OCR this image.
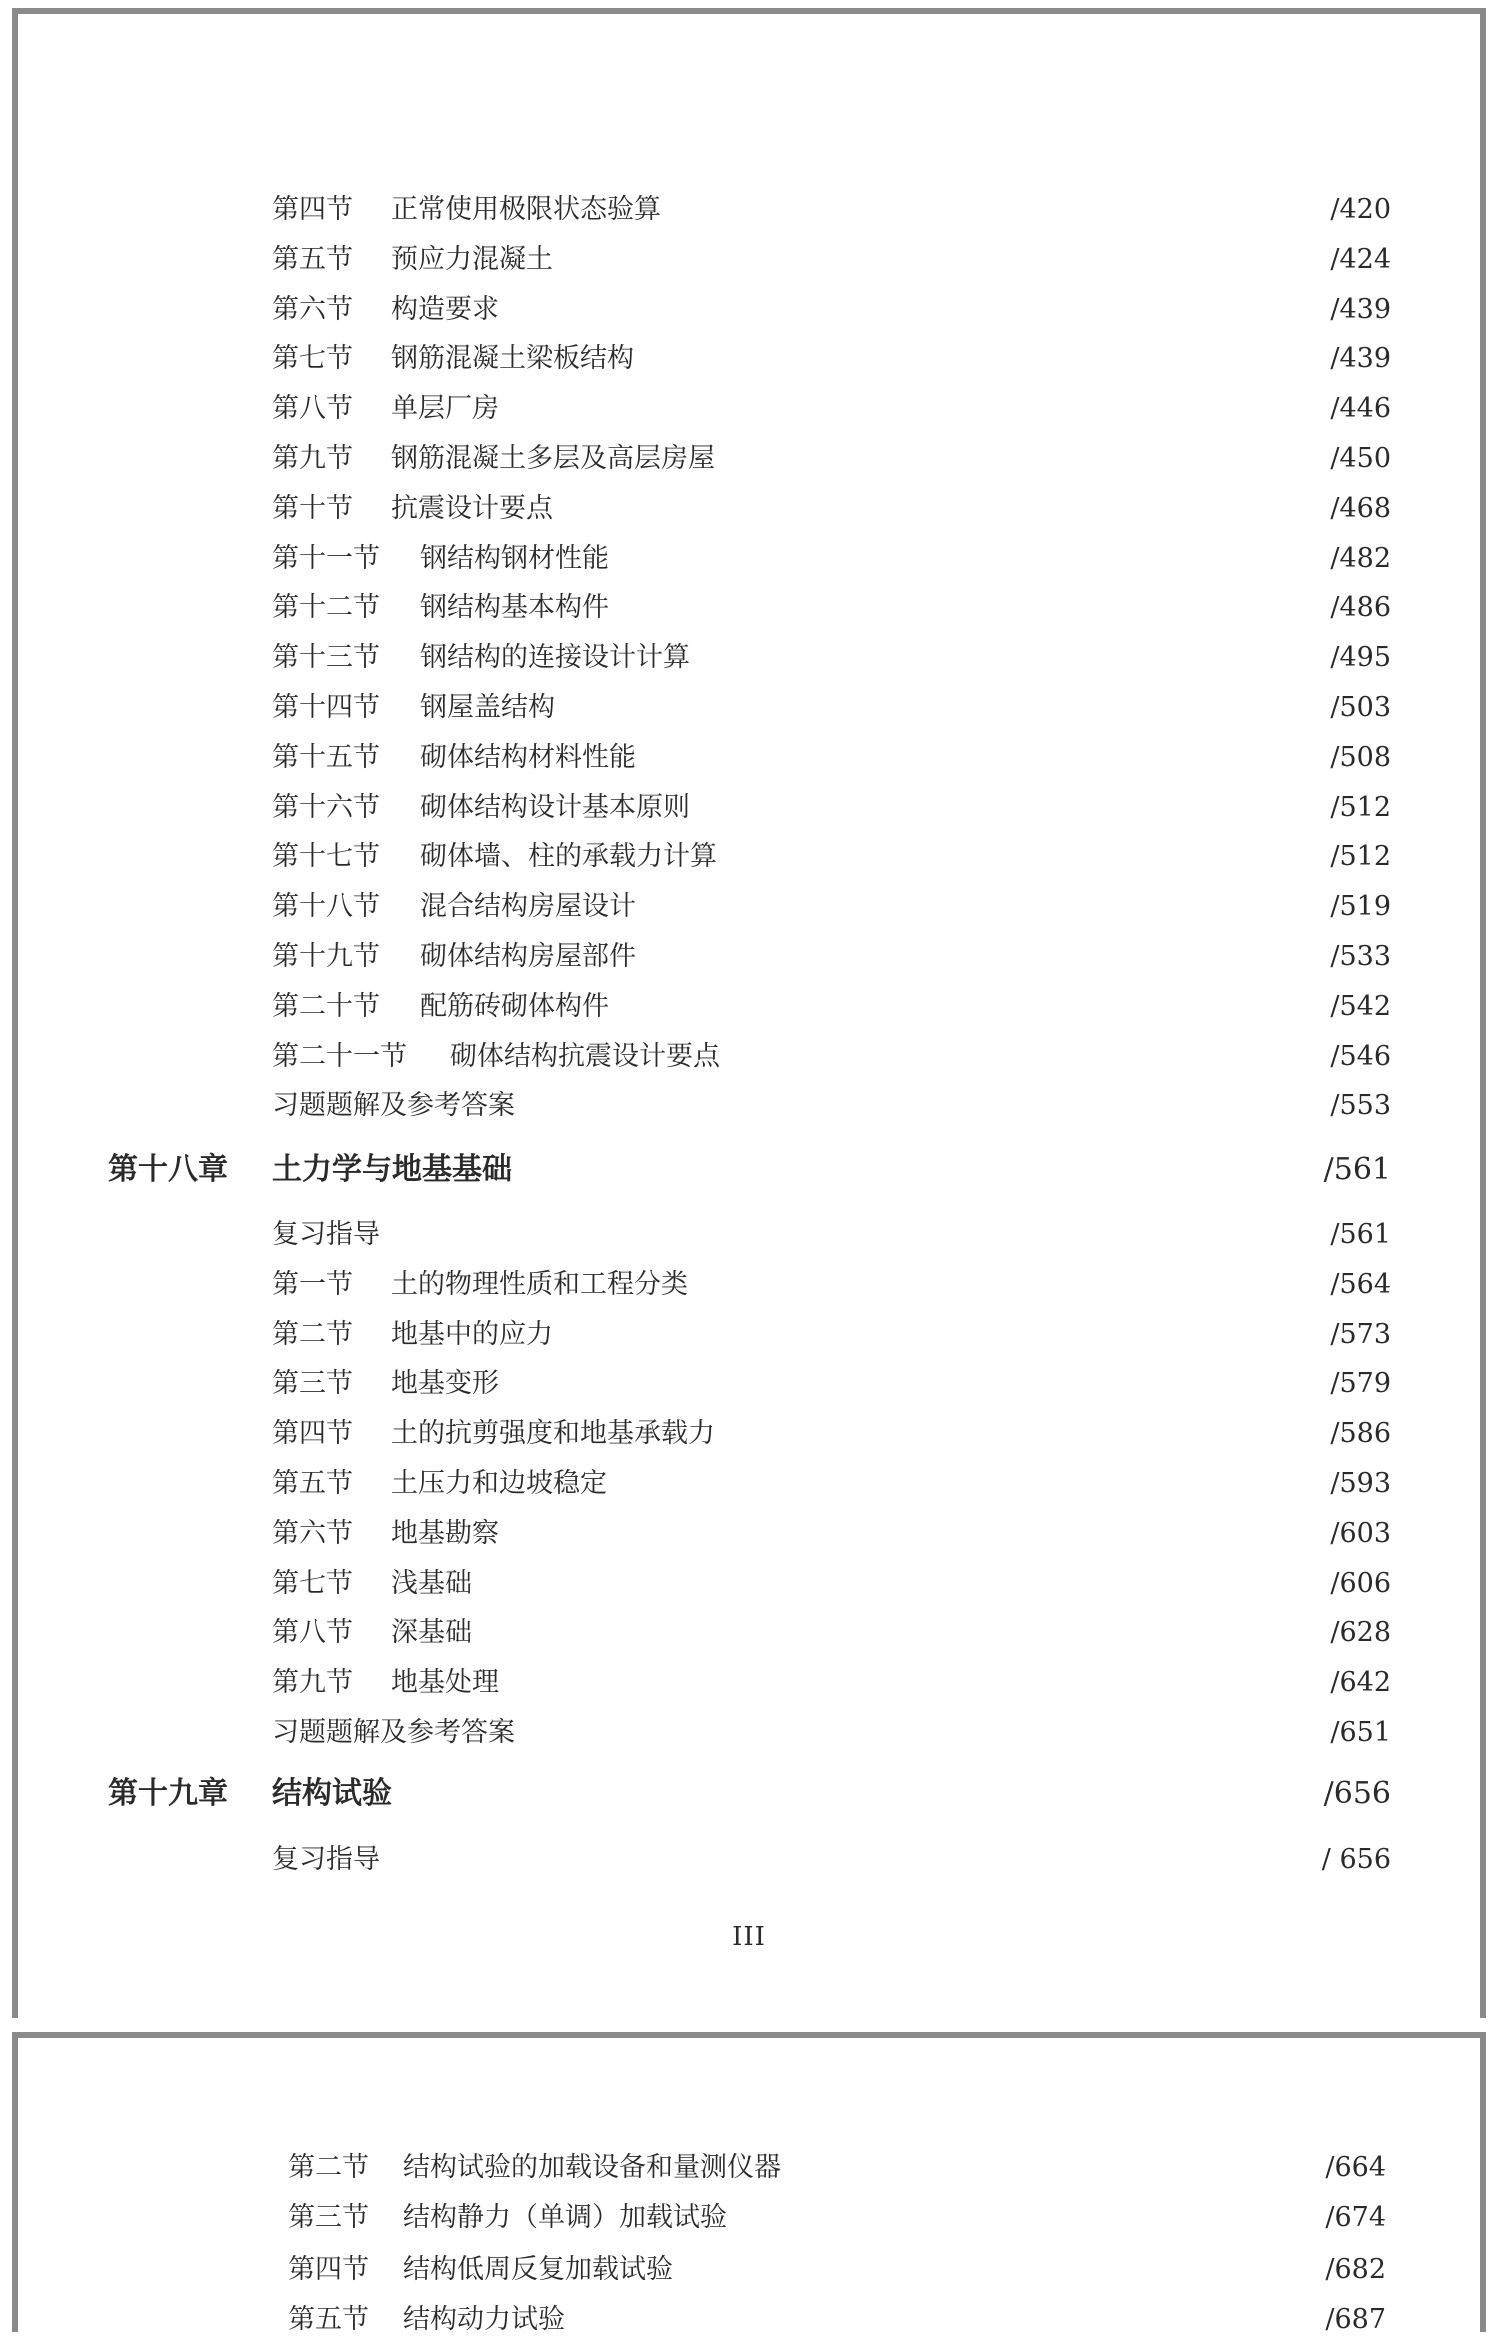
第四节 正常使用极限状态验算	/420
第五节 预应力混凝土	/424
第六节 构造要求	/439
第七节 钢筋混凝土梁板结构	/439
第八节 单层厂房	/446
第九节 钢筋混凝土多层及高层房屋	/450
第十节 抗震设计要点	/468
第十一节 钢结构钢材性能	/482
第十二节 钢结构基本构件	/486
第十三节 钢结构的连接设计计算	/495
第十四节 钢屋盖结构	/503
第十五节 砌体结构材料性能	/508
第十六节 砌体结构设计基本原则	/512
第十七节 砌体墙、柱的承载力计算	/512
第十八节 混合结构房屋设计	/519
第十九节 砌体结构房屋部件	/533
第二十节 配筋砖砌体构件	/542
第二十一节 砌体结构抗震设计要点	/546
习题题解及参考答案	/553
第十八章 土力学与地基基础	/561
复习指导	/561
第一节 土的物理性质和工程分类	/564
第二节 地基中的应力	/573
第三节 地基变形	/579
第四节 土的抗剪强度和地基承载力	/586
第五节 土压力和边坡稳定	/593
第六节 地基勘察	/603
第七节 浅基础	/606
第八节 深基础	/628
第九节 地基处理	/642
习题题解及参考答案	/651
第十九章 结构试验	/656
复习指导	/ 656
III
第二节 结构试验的加载设备和量测仪器	/664
第三节 结构静力（单调）加载试验	/674
第四节 结构低周反复加载试验	/682
第五节 结构动力试验	/687
